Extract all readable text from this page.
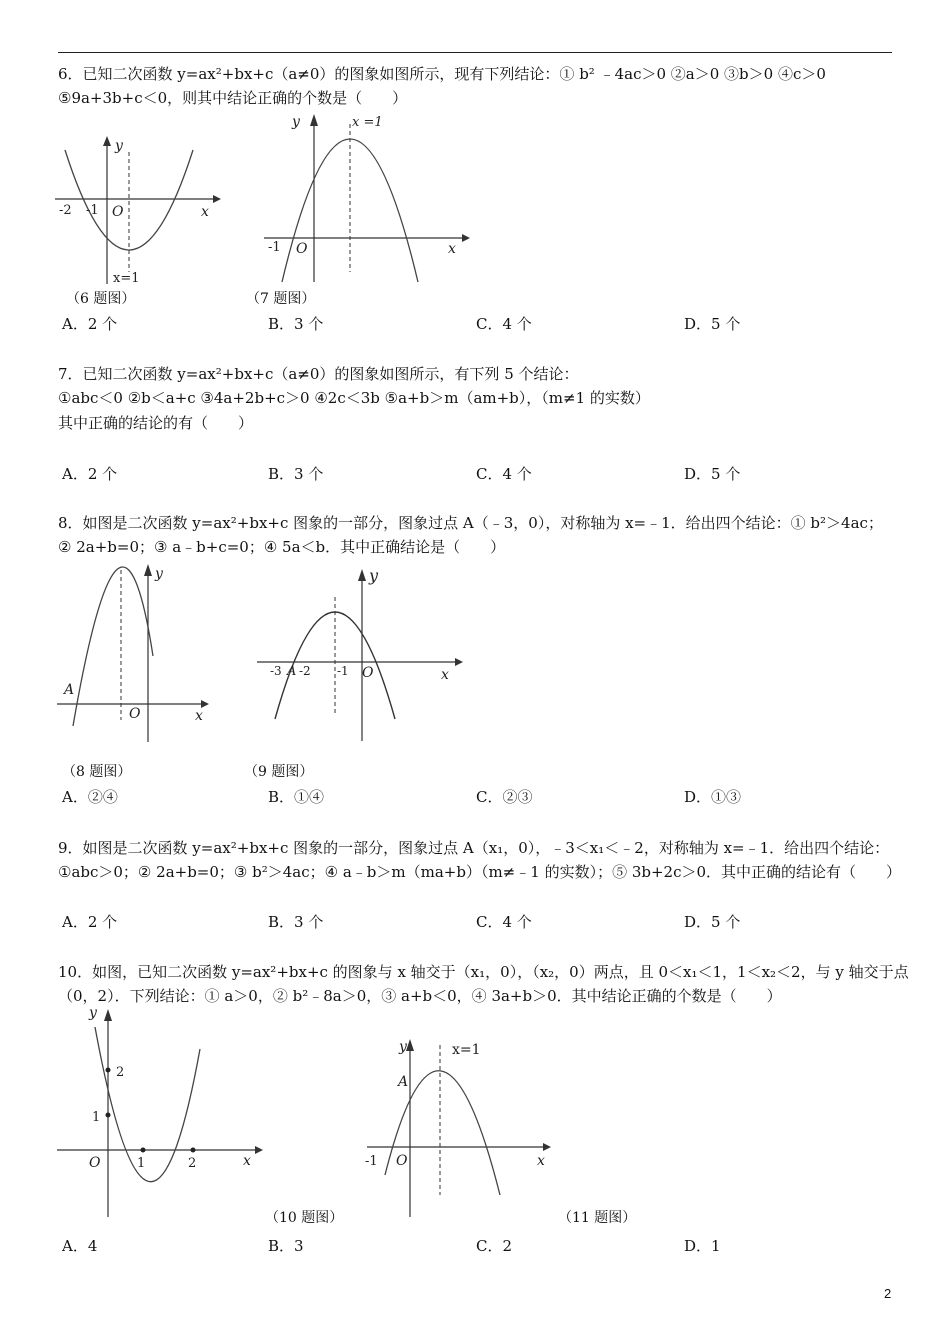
6．已知二次函数 y=ax²+bx+c（a≠0）的图象如图所示，现有下列结论：① b² ﹣4ac＞0 ②a＞0 ③b＞0 ④c＞0
⑤9a+3b+c＜0，则其中结论正确的个数是（　　）
y
x
O
-2 -1
x=1
y
x
O
-1
x =1
（6 题图）	（7 题图）
A．2 个	B．3 个	C．4 个	D．5 个
7．已知二次函数 y=ax²+bx+c（a≠0）的图象如图所示，有下列 5 个结论：
①abc＜0 ②b＜a+c ③4a+2b+c＞0 ④2c＜3b ⑤a+b＞m（am+b），（m≠1 的实数）
其中正确的结论的有（　　）
A．2 个	B．3 个	C．4 个	D．5 个
8．如图是二次函数 y=ax²+bx+c 图象的一部分，图象过点 A（﹣3，0），对称轴为 x=﹣1．给出四个结论：① b²＞4ac；
② 2a+b=0；③ a﹣b+c=0；④ 5a＜b．其中正确结论是（　　）
y
x
O
A
y
x
O
-3 A -2 -1
（8 题图）	（9 题图）
A．②④	B．①④	C．②③	D．①③
9．如图是二次函数 y=ax²+bx+c 图象的一部分，图象过点 A（x₁，0），﹣3＜x₁＜﹣2，对称轴为 x=﹣1．给出四个结论：
①abc＞0；② 2a+b=0；③ b²＞4ac；④ a﹣b＞m（ma+b）（m≠﹣1 的实数）；⑤ 3b+2c＞0．其中正确的结论有（　　）
A．2 个	B．3 个	C．4 个	D．5 个
10．如图，已知二次函数 y=ax²+bx+c 的图象与 x 轴交于（x₁，0），（x₂，0）两点，且 0＜x₁＜1，1＜x₂＜2，与 y 轴交于点
（0，2）．下列结论：① a＞0，② b²﹣8a＞0，③ a+b＜0，④ 3a+b＞0．其中结论正确的个数是（　　）
y
x
O
2
1
1	2
y
x
O
-1
A
x=1
（10 题图）	（11 题图）
A．4	B．3	C．2	D．1
2
